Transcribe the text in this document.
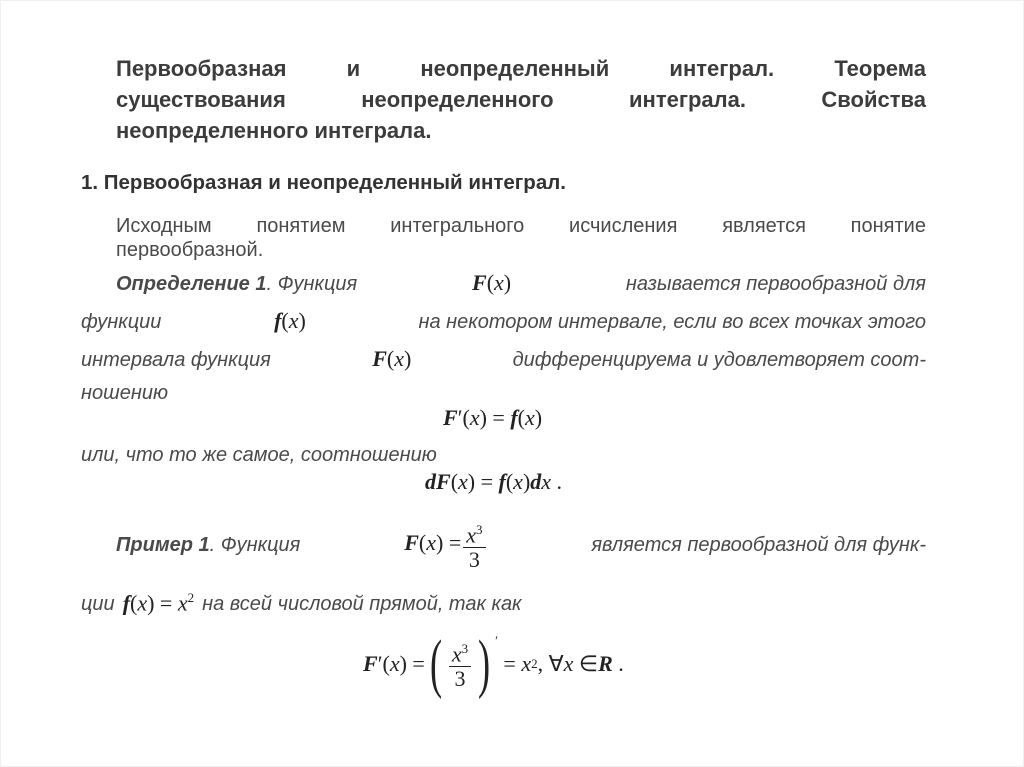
Первообразная	и	неопределенный	интеграл.	Теорема
существования	неопределенного	интеграла.	Свойства
неопределенного интеграла.
1. Первообразная и неопределенный интеграл.
Исходным понятием интегрального исчисления является понятие
первообразной.
Определение 1. Функция	F(x)	называется первообразной для
функции	f(x)	на некотором интервале, если во всех точках этого
интервала функция	F(x)	дифференцируема и удовлетворяет соот-
ношению
F′(x) = f(x)
или, что то же самое, соотношению
dF(x) = f(x)dx .
Пример 1. Функция	$F(x) = \frac{x^3}{3}$	является первообразной для функ-
ции $f(x) = x^2$ на всей числовой прямой, так как
F ′ ( x ) = ( $\frac{x^3}{3}$ ) ′
= x 2 , ∀ x
∈ R .
